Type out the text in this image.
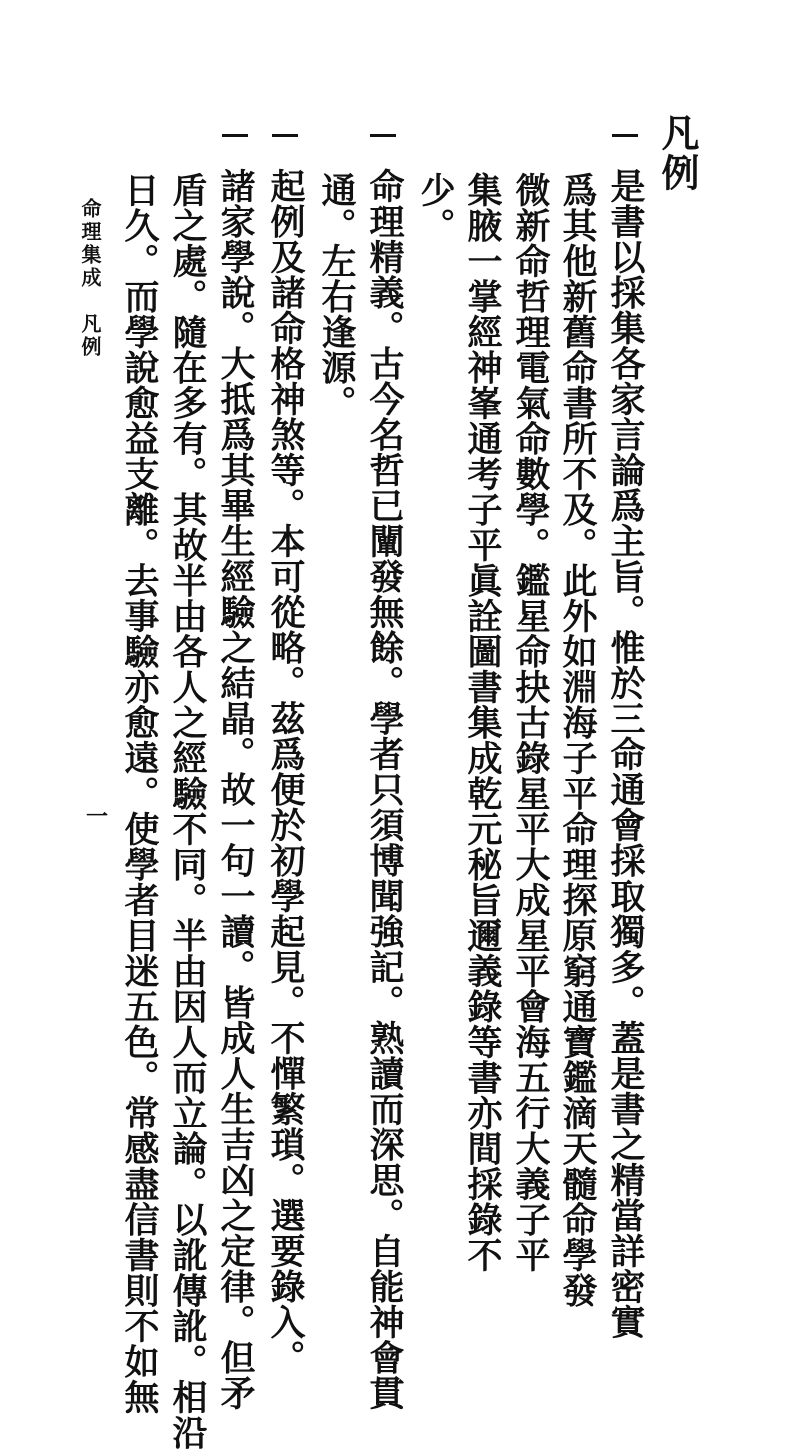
凡例
是書以採集各家言論爲主旨。惟於三命通會採取獨多。蓋是書之精當詳密實
爲其他新舊命書所不及。此外如淵海子平命理探原窮通寶鑑滴天髓命學發
微新命哲理電氣命數學。鑑星命抉古錄星平大成星平會海五行大義子平
集腋一掌經神峯通考子平眞詮圖書集成乾元秘旨邇義錄等書亦間採錄不
少。
命理精義。古今名哲已闡發無餘。學者只須博聞強記。熟讀而深思。自能神會貫
通。左右逢源。
起例及諸命格神煞等。本可從略。茲爲便於初學起見。不憚繁瑣。選要錄入。
諸家學說。大抵爲其畢生經驗之結晶。故一句一讀。皆成人生吉凶之定律。但矛
盾之處。隨在多有。其故半由各人之經驗不同。半由因人而立論。以訛傳訛。相沿
日久。而學說愈益支離。去事驗亦愈遠。使學者目迷五色。常感盡信書則不如無
命理集成　凡例
一
